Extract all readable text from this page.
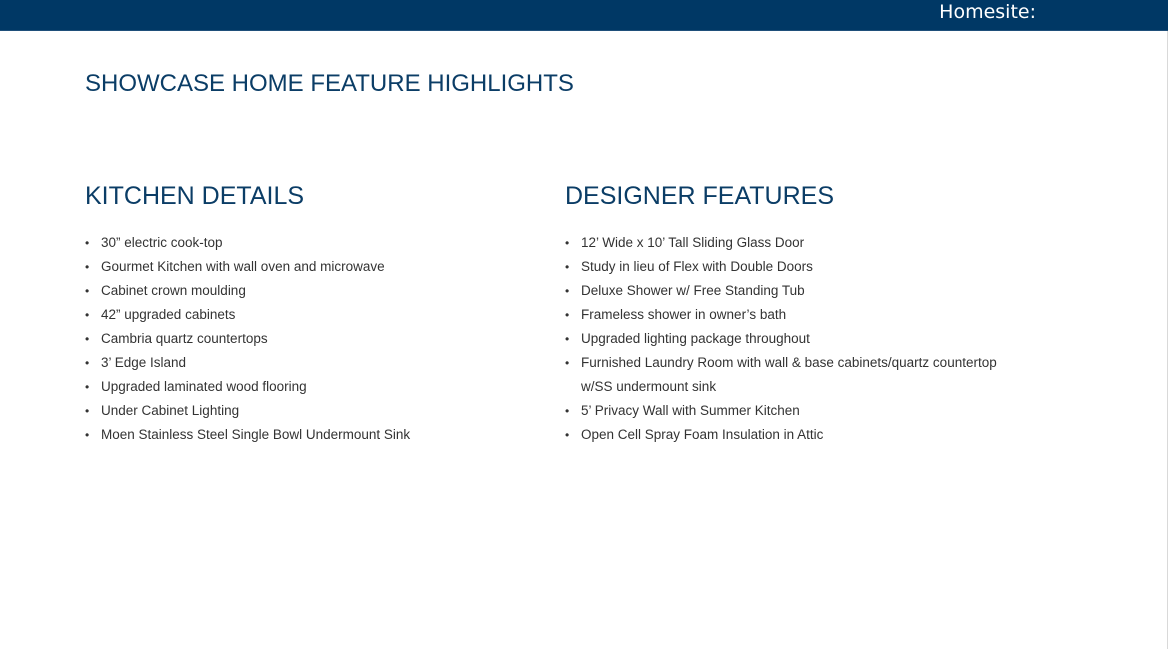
Homesite:
SHOWCASE HOME FEATURE HIGHLIGHTS
KITCHEN DETAILS
• 30” electric cook-top
• Gourmet Kitchen with wall oven and microwave
• Cabinet crown moulding
• 42” upgraded cabinets
• Cambria quartz countertops
• 3’ Edge Island
• Upgraded laminated wood flooring
• Under Cabinet Lighting
• Moen Stainless Steel Single Bowl Undermount Sink
DESIGNER FEATURES
• 12’ Wide x 10’ Tall Sliding Glass Door
• Study in lieu of Flex with Double Doors
• Deluxe Shower w/ Free Standing Tub
• Frameless shower in owner’s bath
• Upgraded lighting package throughout
• Furnished Laundry Room with wall & base cabinets/quartz countertop w/SS undermount sink
• 5’ Privacy Wall with Summer Kitchen
• Open Cell Spray Foam Insulation in Attic
